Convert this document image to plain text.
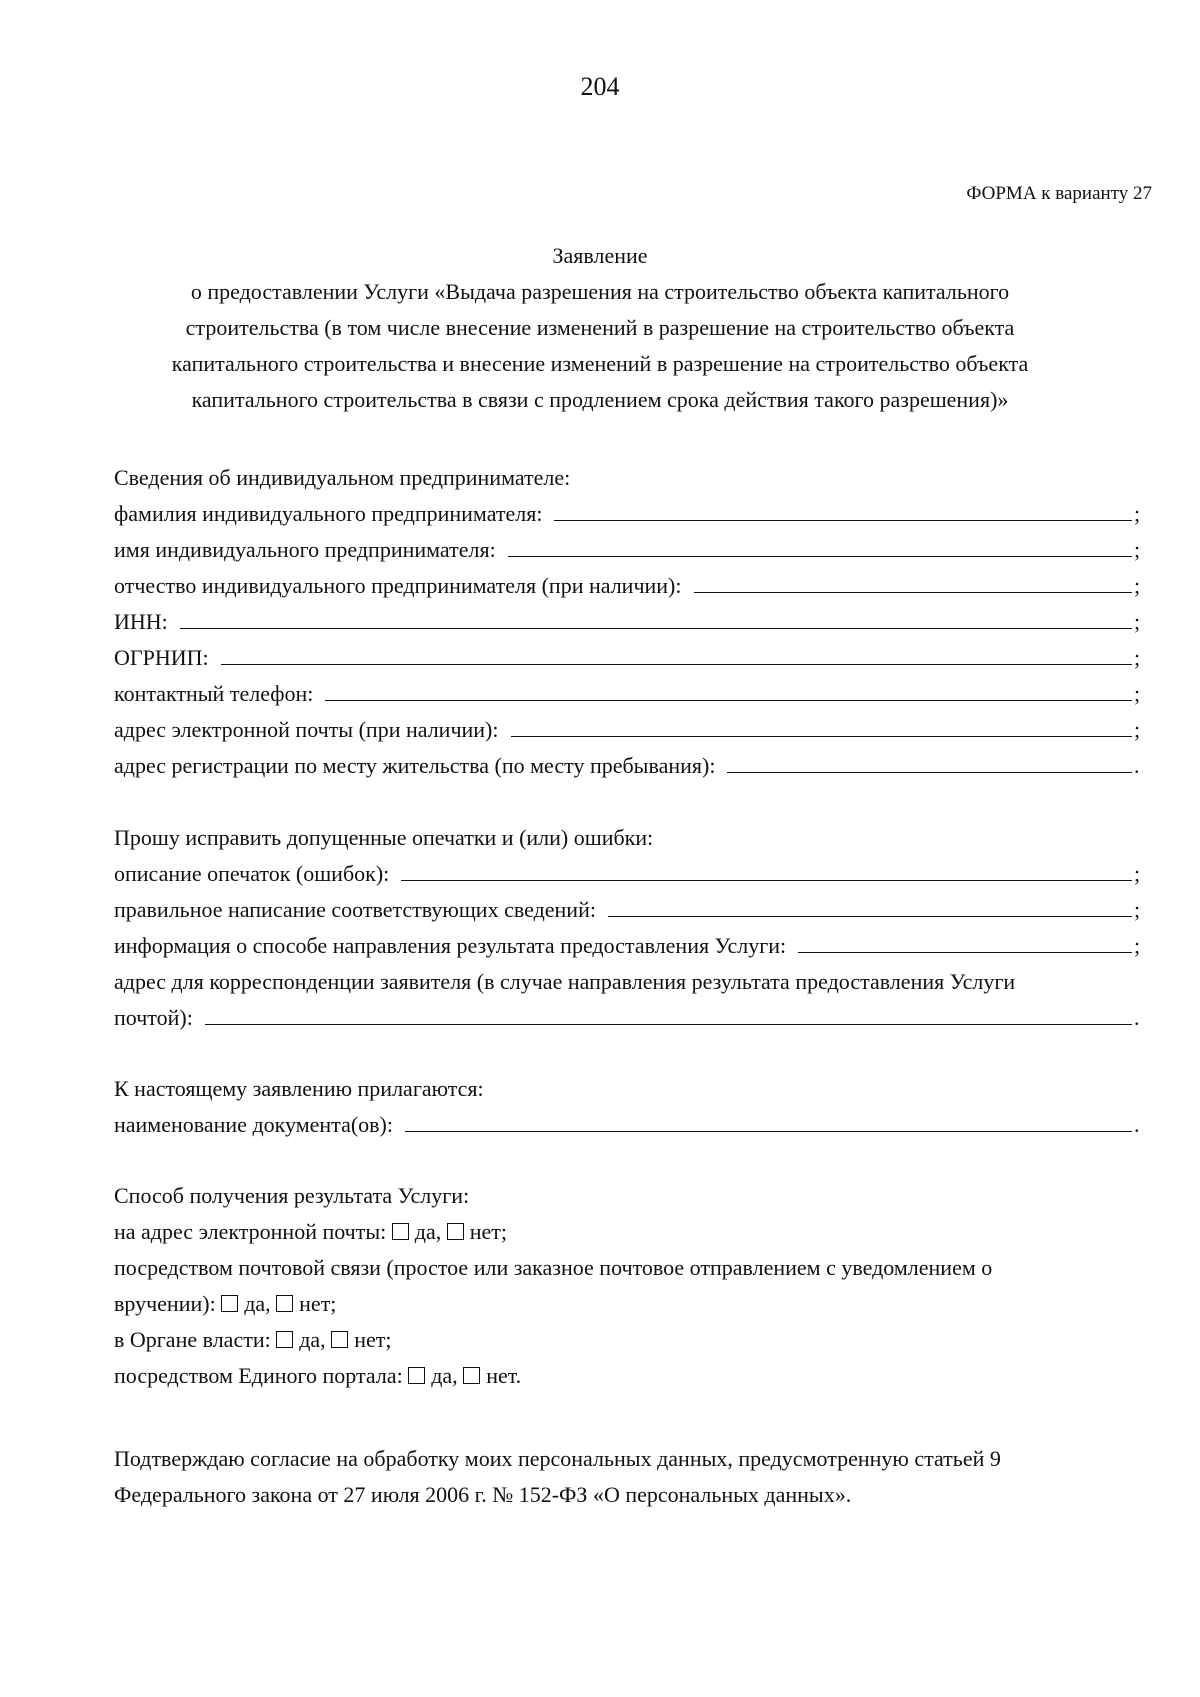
204
ФОРМА к варианту 27
Заявление
о предоставлении Услуги «Выдача разрешения на строительство объекта капитального
строительства (в том числе внесение изменений в разрешение на строительство объекта
капитального строительства и внесение изменений в разрешение на строительство объекта
капитального строительства в связи с продлением срока действия такого разрешения)»
Сведения об индивидуальном предпринимателе:
фамилия индивидуального предпринимателя:	;
имя индивидуального предпринимателя:	;
отчество индивидуального предпринимателя (при наличии):	;
ИНН:	;
ОГРНИП:	;
контактный телефон:	;
адрес электронной почты (при наличии):	;
адрес регистрации по месту жительства (по месту пребывания):	.
Прошу исправить допущенные опечатки и (или) ошибки:
описание опечаток (ошибок):	;
правильное написание соответствующих сведений:	;
информация о способе направления результата предоставления Услуги:	;
адрес для корреспонденции заявителя (в случае направления результата предоставления Услуги
почтой):	.
К настоящему заявлению прилагаются:
наименование документа(ов):	.
Способ получения результата Услуги:
на адрес электронной почты: да, нет;
посредством почтовой связи (простое или заказное почтовое отправлением с уведомлением о
вручении): да, нет;
в Органе власти: да, нет;
посредством Единого портала: да, нет.
Подтверждаю согласие на обработку моих персональных данных, предусмотренную статьей 9
Федерального закона от 27 июля 2006 г. № 152-ФЗ «О персональных данных».
